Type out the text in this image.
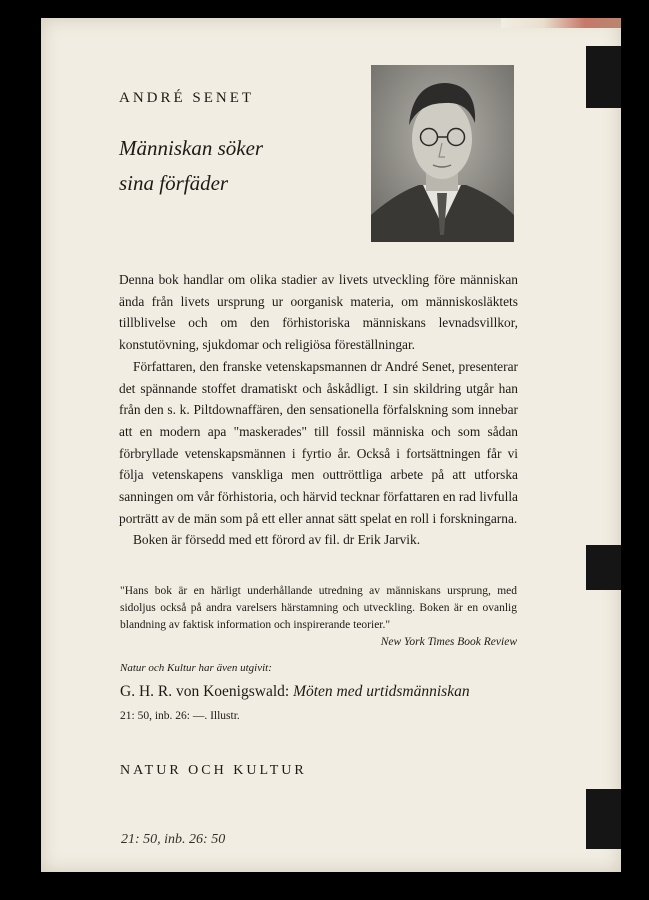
ANDRÉ SENET
Människan söker
sina förfäder

Denna bok handlar om olika stadier av livets utveckling före människan ända från livets ursprung ur oorganisk materia, om människosläktets tillblivelse och om den förhistoriska människans levnadsvillkor, konstutövning, sjukdomar och religiösa föreställningar.

Författaren, den franske vetenskapsmannen dr André Senet, presenterar det spännande stoffet dramatiskt och åskådligt. I sin skildring utgår han från den s. k. Piltdownaffären, den sensationella förfalskning som innebar att en modern apa "maskerades" till fossil människa och som sådan förbryllade vetenskapsmännen i fyrtio år. Också i fortsättningen får vi följa vetenskapens vanskliga men outtröttliga arbete på att utforska sanningen om vår förhistoria, och härvid tecknar författaren en rad livfulla porträtt av de män som på ett eller annat sätt spelat en roll i forskningarna.

Boken är försedd med ett förord av fil. dr Erik Jarvik.

"Hans bok är en härligt underhållande utredning av människans ursprung, med sidoljus också på andra varelsers härstamning och utveckling. Boken är en ovanlig blandning av faktisk information och inspirerande teorier."
New York Times Book Review
Natur och Kultur har även utgivit:
G. H. R. von Koenigswald: Möten med urtidsmänniskan
21: 50, inb. 26: —. Illustr.
NATUR OCH KULTUR
21: 50, inb. 26: 50
